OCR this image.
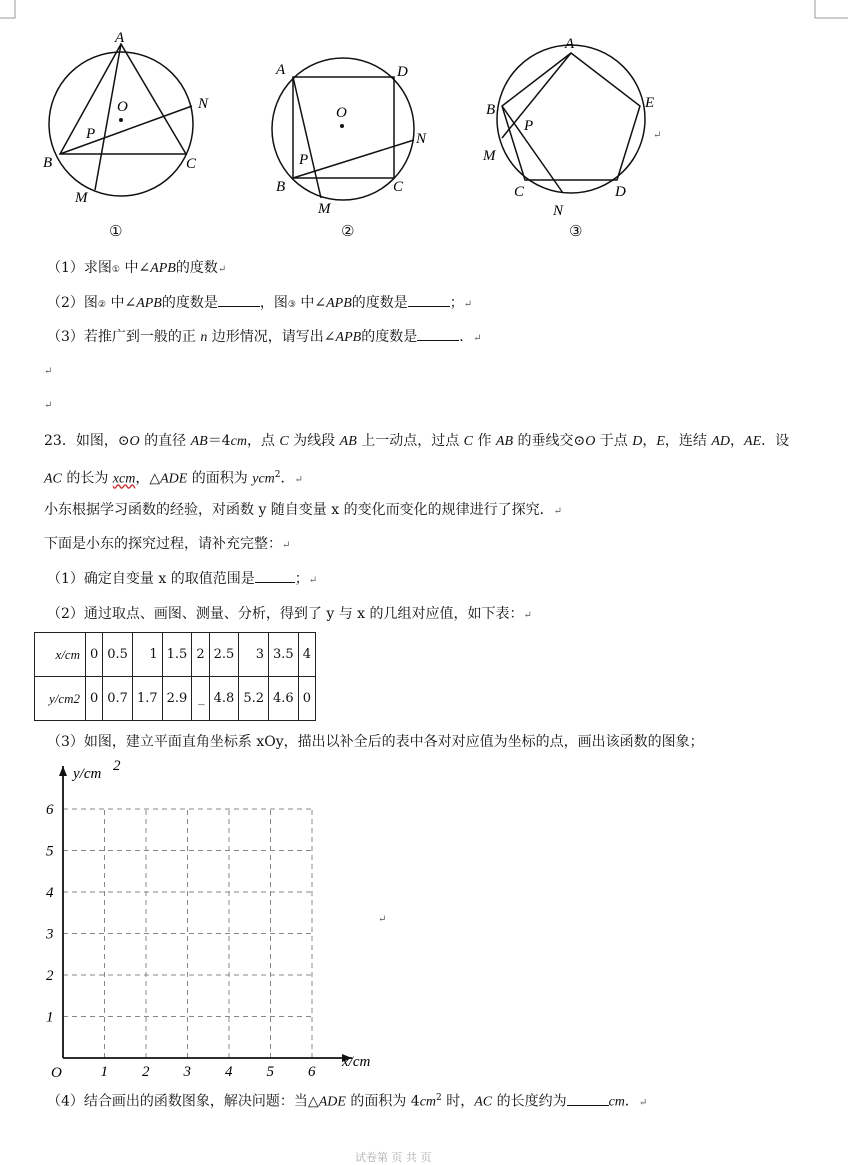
A
B	C
M
N
O
P
A	D
B	C
M
N
O
P
A
E
B
P
M
C
N
D
↵
①	②	③
（1）求图① 中∠APB的度数↵
（2）图② 中∠APB的度数是	，图③ 中∠APB的度数是	；↵
（3）若推广到一般的正 n 边形情况，请写出∠APB的度数是	．↵
↵
↵
23．如图，⊙O 的直径 AB＝4cm，点 C 为线段 AB 上一动点，过点 C 作 AB 的垂线交⊙O 于点 D，E，连结 AD，AE．设
AC 的长为 xcm，△ADE 的面积为 ycm$^2$．↵
小东根据学习函数的经验，对函数 y 随自变量 x 的变化而变化的规律进行了探究．↵
下面是小东的探究过程，请补充完整：↵
（1）确定自变量 x 的取值范围是	；↵
（2）通过取点、画图、测量、分析，得到了 y 与 x 的几组对应值，如下表：↵
x/cm	0	0.5	1	1.5	2	2.5	3	3.5	4
y/cm2	0	0.7	1.7	2.9	_	4.8	5.2	4.6	0
（3）如图，建立平面直角坐标系 xOy，描出以补全后的表中各对对应值为坐标的点，画出该函数的图象；
1 2 3 4 5 6
1
2
3
4
5
6
O
y/cm 2
x/cm
↵
（4）结合画出的函数图象，解决问题：当△ADE 的面积为 $4cm^2$ 时，AC 的长度约为	cm．↵
试卷第 页 共 页
